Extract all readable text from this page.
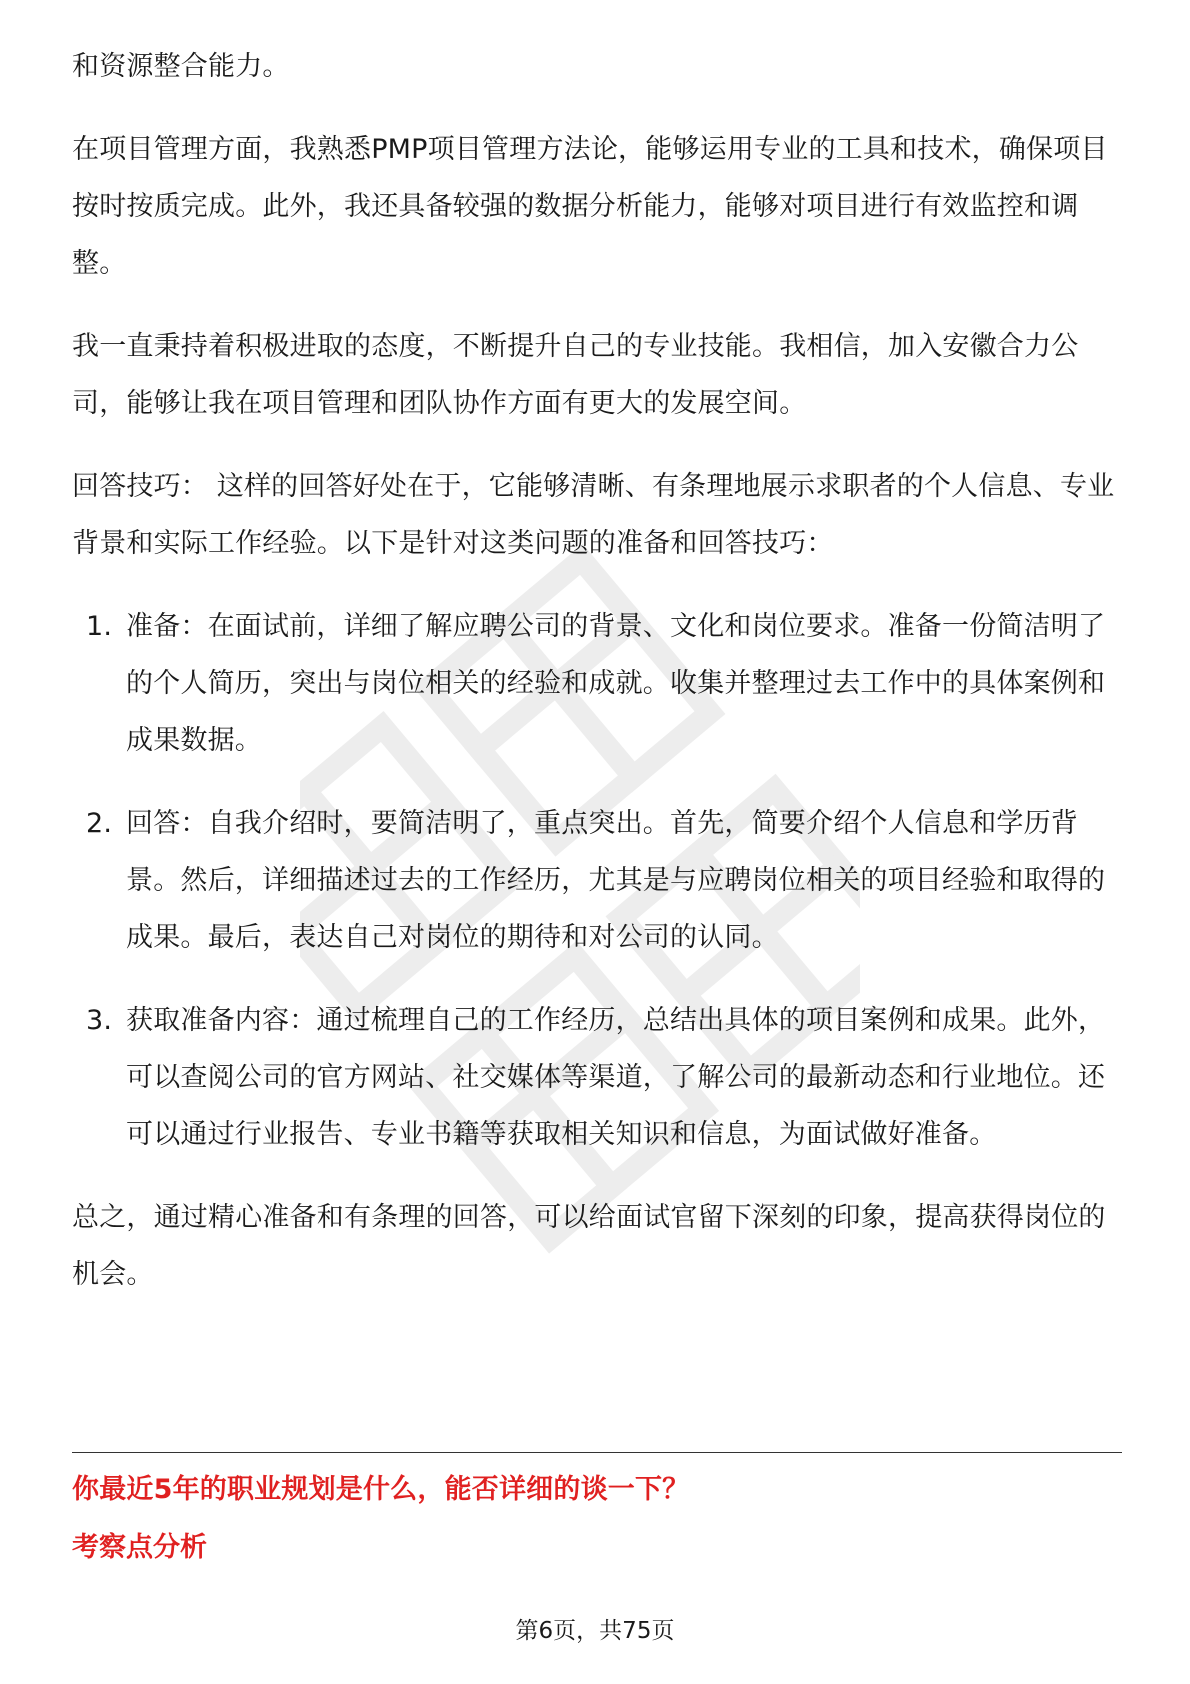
和资源整合能力。

在项目管理方面，我熟悉PMP项目管理方法论，能够运用专业的工具和技术，确保项目按时按质完成。此外，我还具备较强的数据分析能力，能够对项目进行有效监控和调整。

我一直秉持着积极进取的态度，不断提升自己的专业技能。我相信，加入安徽合力公司，能够让我在项目管理和团队协作方面有更大的发展空间。

回答技巧： 这样的回答好处在于，它能够清晰、有条理地展示求职者的个人信息、专业背景和实际工作经验。以下是针对这类问题的准备和回答技巧：

1. 准备：在面试前，详细了解应聘公司的背景、文化和岗位要求。准备一份简洁明了的个人简历，突出与岗位相关的经验和成就。收集并整理过去工作中的具体案例和成果数据。
2. 回答：自我介绍时，要简洁明了，重点突出。首先，简要介绍个人信息和学历背景。然后，详细描述过去的工作经历，尤其是与应聘岗位相关的项目经验和取得的成果。最后，表达自己对岗位的期待和对公司的认同。
3. 获取准备内容：通过梳理自己的工作经历，总结出具体的项目案例和成果。此外，可以查阅公司的官方网站、社交媒体等渠道，了解公司的最新动态和行业地位。还可以通过行业报告、专业书籍等获取相关知识和信息，为面试做好准备。

总之，通过精心准备和有条理的回答，可以给面试官留下深刻的印象，提高获得岗位的机会。

你最近5年的职业规划是什么，能否详细的谈一下？
考察点分析
第6页，共75页
